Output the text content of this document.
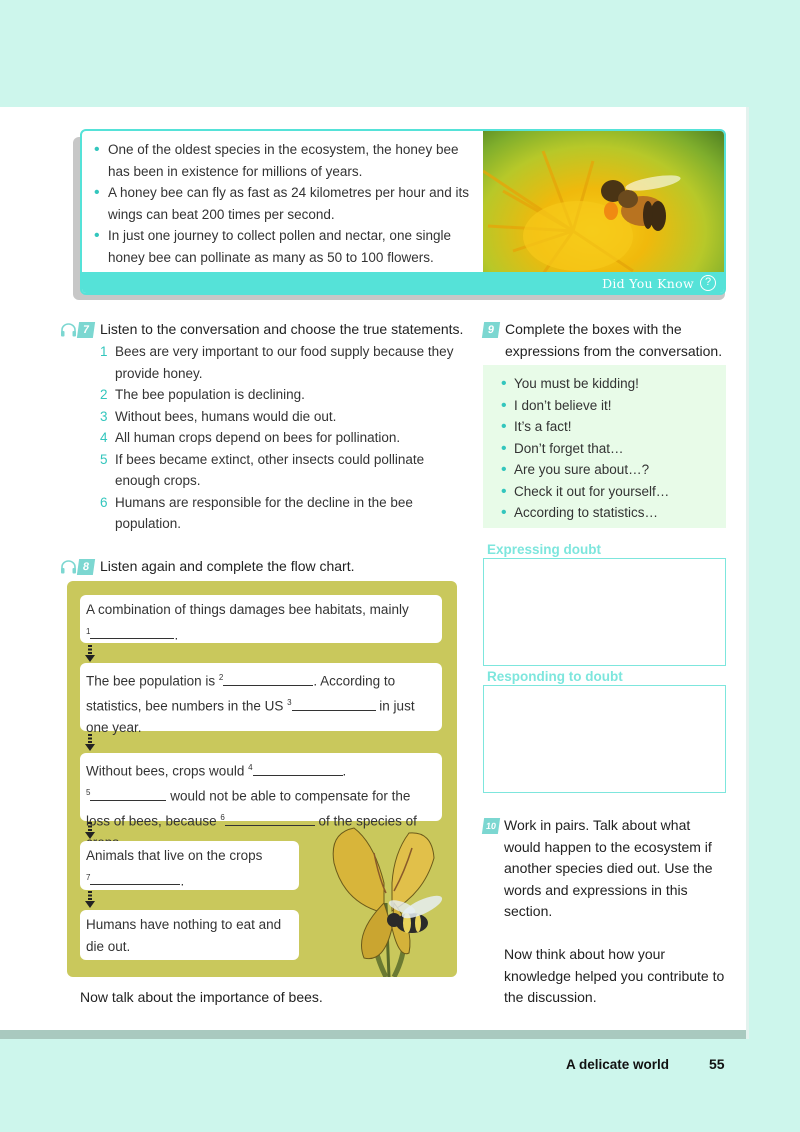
• One of the oldest species in the ecosystem, the honey bee has been in existence for millions of years.
• A honey bee can fly as fast as 24 kilometres per hour and its wings can beat 200 times per second.
• In just one journey to collect pollen and nectar, one single honey bee can pollinate as many as 50 to 100 flowers.
Did You Know ?
7 Listen to the conversation and choose the true statements.
1 Bees are very important to our food supply because they provide honey.
2 The bee population is declining.
3 Without bees, humans would die out.
4 All human crops depend on bees for pollination.
5 If bees became extinct, other insects could pollinate enough crops.
6 Humans are responsible for the decline in the bee population.
8 Listen again and complete the flow chart.
A combination of things damages bee habitats, mainly
$^1$	.
The bee population is $^2$	. According to statistics, bee numbers in the US $^3$	in just one year.
Without bees, crops would $^4$	.
$^5$	would not be able to compensate for the loss of bees, because $^6$	of the species of
Animals that live on the crops
$^7$	.
Humans have nothing to eat and die out.
Now talk about the importance of bees.
9 Complete the boxes with the expressions from the conversation.
• You must be kidding!
• I don’t believe it!
• It’s a fact!
• Don’t forget that…
• Are you sure about…?
• Check it out for yourself…
• According to statistics…
Expressing doubt
Responding to doubt
10 Work in pairs. Talk about what would happen to the ecosystem if another species died out. Use the words and expressions in this section.

Now think about how your knowledge helped you contribute to the discussion.

A delicate world	55
